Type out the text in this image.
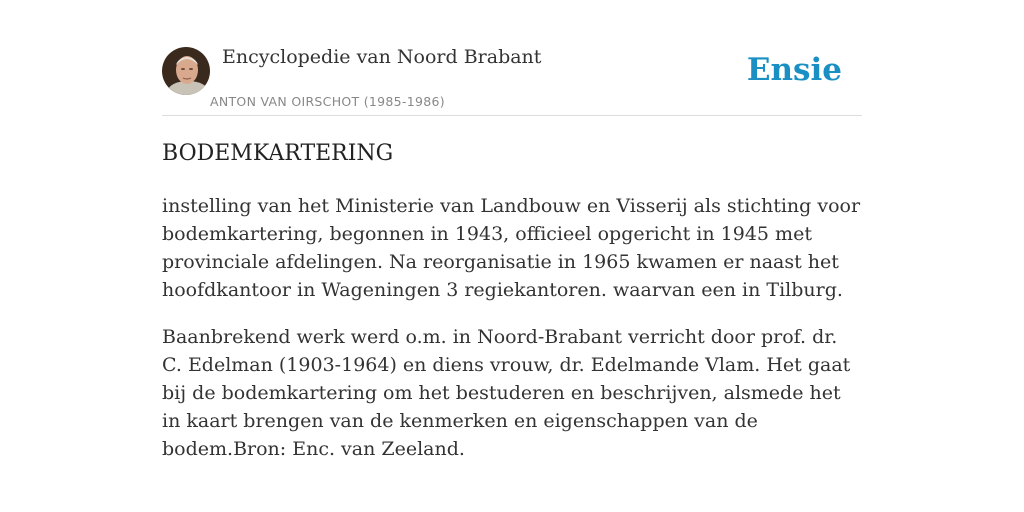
Encyclopedie van Noord Brabant
ANTON VAN OIRSCHOT (1985-1986)
Ensie
BODEMKARTERING

instelling van het Ministerie van Landbouw en Visserij als stichting voor bodemkartering, begonnen in 1943, officieel opgericht in 1945 met provinciale afdelingen. Na reorganisatie in 1965 kwamen er naast het hoofdkantoor in Wageningen 3 regiekantoren. waarvan een in Tilburg.

Baanbrekend werk werd o.m. in Noord-Brabant verricht door prof. dr. C. Edelman (1903-1964) en diens vrouw, dr. Edelmande Vlam. Het gaat bij de bodemkartering om het bestuderen en beschrijven, alsmede het in kaart brengen van de kenmerken en eigenschappen van de bodem.Bron: Enc. van Zeeland.
